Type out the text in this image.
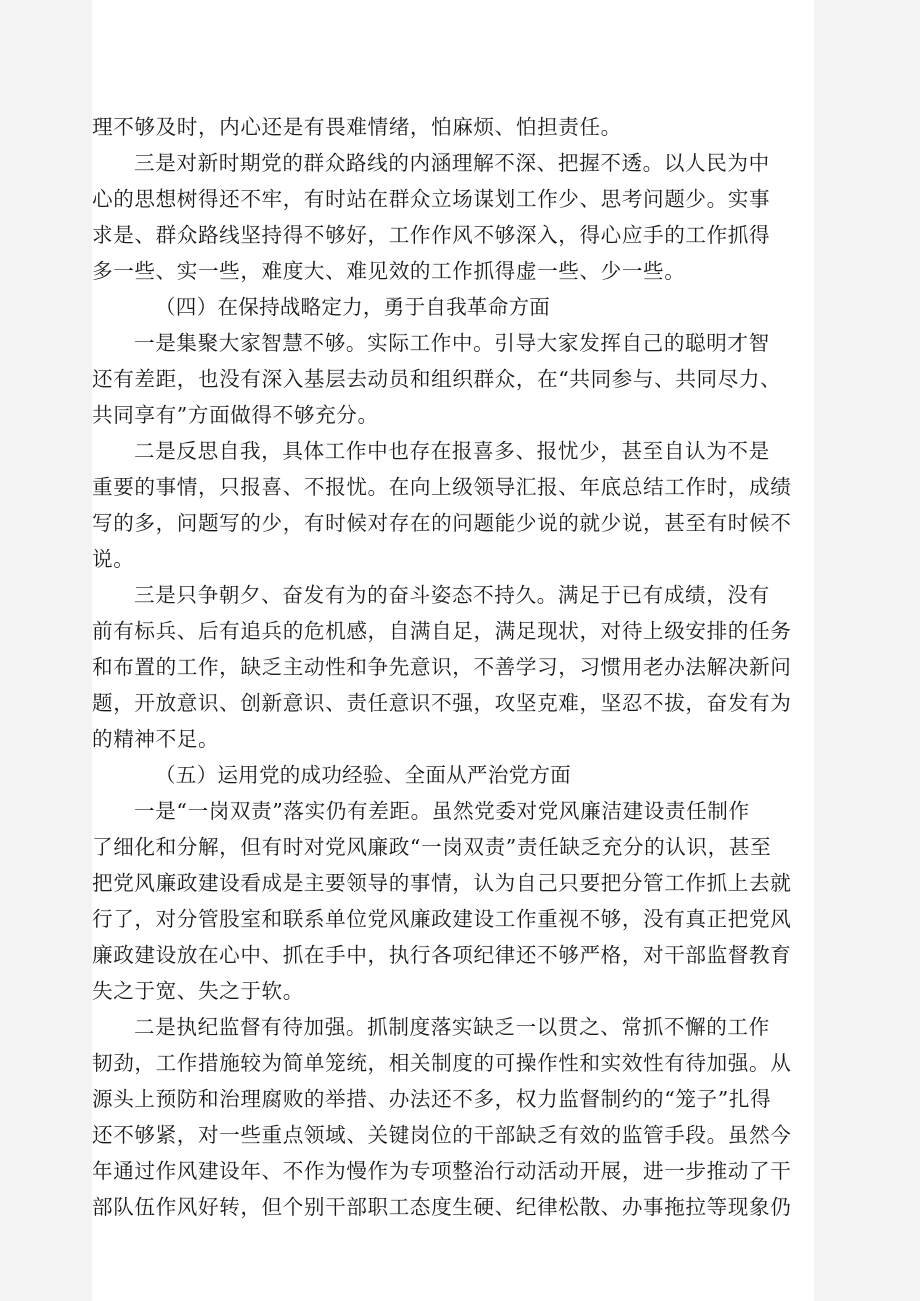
理不够及时，内心还是有畏难情绪，怕麻烦、怕担责任。
三是对新时期党的群众路线的内涵理解不深、把握不透。以人民为中
心的思想树得还不牢，有时站在群众立场谋划工作少、思考问题少。实事
求是、群众路线坚持得不够好，工作作风不够深入，得心应手的工作抓得
多一些、实一些，难度大、难见效的工作抓得虚一些、少一些。
（四）在保持战略定力，勇于自我革命方面
一是集聚大家智慧不够。实际工作中。引导大家发挥自己的聪明才智
还有差距，也没有深入基层去动员和组织群众，在“共同参与、共同尽力、
共同享有”方面做得不够充分。
二是反思自我，具体工作中也存在报喜多、报忧少，甚至自认为不是
重要的事情，只报喜、不报忧。在向上级领导汇报、年底总结工作时，成绩
写的多，问题写的少，有时候对存在的问题能少说的就少说，甚至有时候不
说。
三是只争朝夕、奋发有为的奋斗姿态不持久。满足于已有成绩，没有
前有标兵、后有追兵的危机感，自满自足，满足现状，对待上级安排的任务
和布置的工作，缺乏主动性和争先意识，不善学习，习惯用老办法解决新问
题，开放意识、创新意识、责任意识不强，攻坚克难，坚忍不拔，奋发有为
的精神不足。
（五）运用党的成功经验、全面从严治党方面
一是“一岗双责”落实仍有差距。虽然党委对党风廉洁建设责任制作
了细化和分解，但有时对党风廉政“一岗双责”责任缺乏充分的认识，甚至
把党风廉政建设看成是主要领导的事情，认为自己只要把分管工作抓上去就
行了，对分管股室和联系单位党风廉政建设工作重视不够，没有真正把党风
廉政建设放在心中、抓在手中，执行各项纪律还不够严格，对干部监督教育
失之于宽、失之于软。
二是执纪监督有待加强。抓制度落实缺乏一以贯之、常抓不懈的工作
韧劲，工作措施较为简单笼统，相关制度的可操作性和实效性有待加强。从
源头上预防和治理腐败的举措、办法还不多，权力监督制约的“笼子”扎得
还不够紧，对一些重点领域、关键岗位的干部缺乏有效的监管手段。虽然今
年通过作风建设年、不作为慢作为专项整治行动活动开展，进一步推动了干
部队伍作风好转，但个别干部职工态度生硬、纪律松散、办事拖拉等现象仍
